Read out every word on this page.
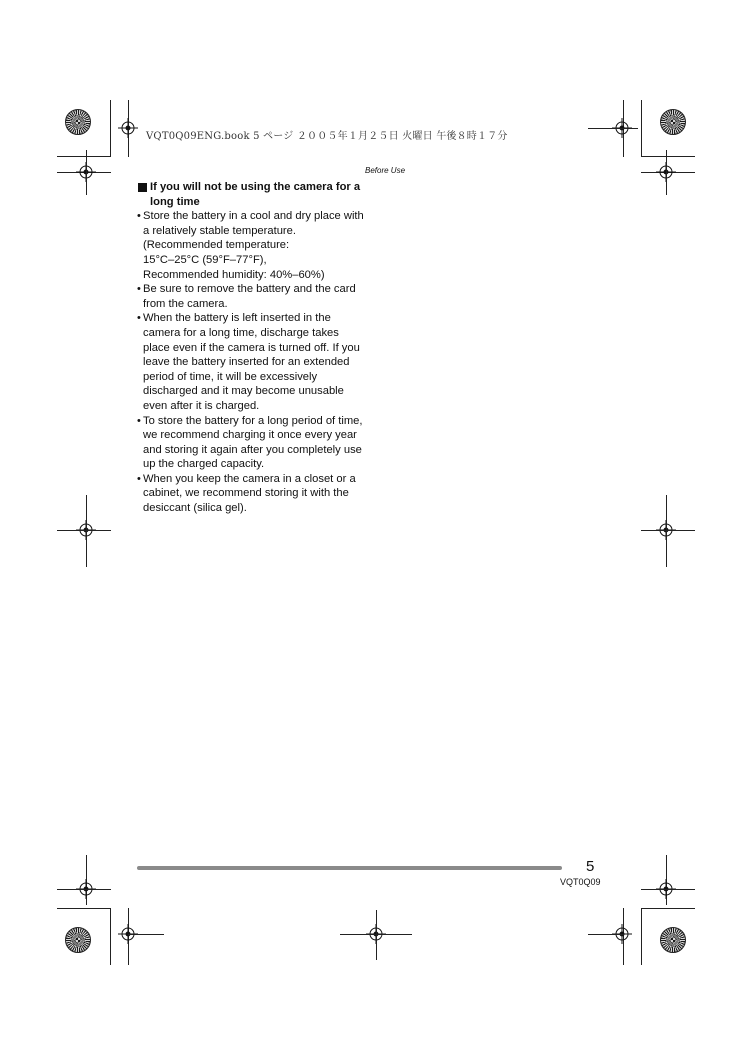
VQT0Q09ENG.book 5 ページ ２００５年１月２５日 火曜日 午後８時１７分
Before Use
If you will not be using the camera for a long time
• Store the battery in a cool and dry place with a relatively stable temperature.
(Recommended temperature:
15°C–25°C (59°F–77°F),
Recommended humidity: 40%–60%)
• Be sure to remove the battery and the card from the camera.
• When the battery is left inserted in the camera for a long time, discharge takes place even if the camera is turned off. If you leave the battery inserted for an extended period of time, it will be excessively discharged and it may become unusable even after it is charged.
• To store the battery for a long period of time, we recommend charging it once every year and storing it again after you completely use up the charged capacity.
• When you keep the camera in a closet or a cabinet, we recommend storing it with the desiccant (silica gel).
5
VQT0Q09
